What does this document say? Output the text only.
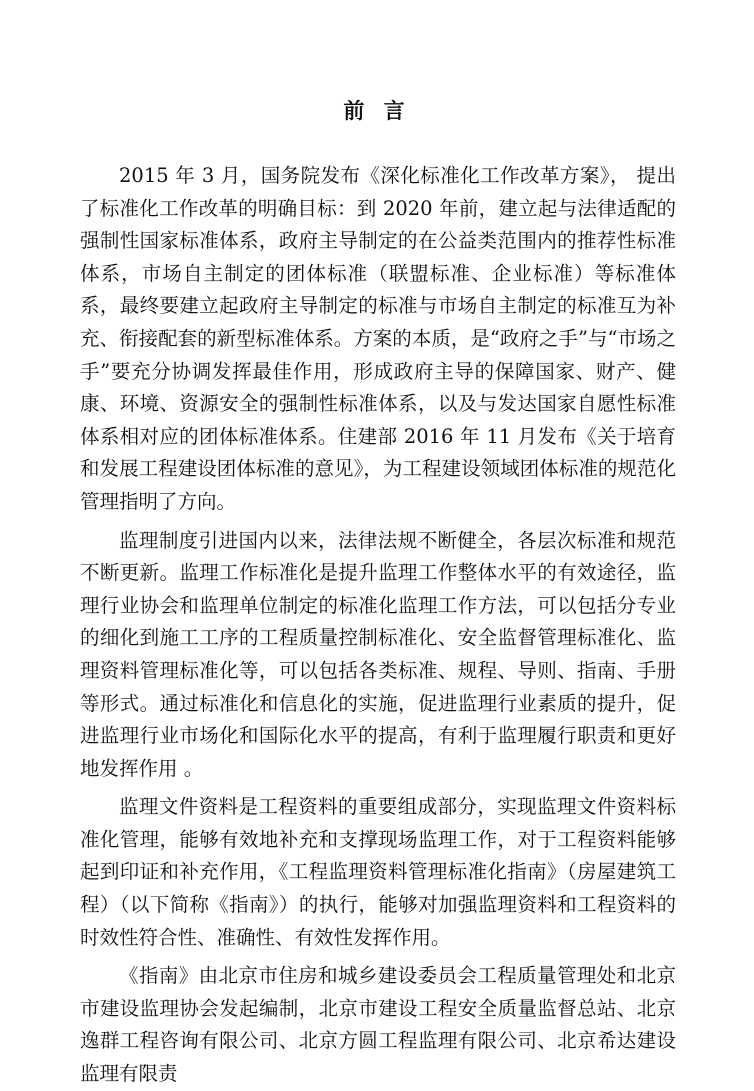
前 言

2015 年 3 月，国务院发布《深化标准化工作改革方案》， 提出了标准化工作改革的明确目标：到 2020 年前，建立起与法律适配的强制性国家标准体系，政府主导制定的在公益类范围内的推荐性标准体系，市场自主制定的团体标准（联盟标准、企业标准）等标准体系，最终要建立起政府主导制定的标准与市场自主制定的标准互为补充、衔接配套的新型标准体系。方案的本质，是“政府之手”与“市场之手”要充分协调发挥最佳作用，形成政府主导的保障国家、财产、健康、环境、资源安全的强制性标准体系，以及与发达国家自愿性标准体系相对应的团体标准体系。住建部 2016 年 11 月发布《关于培育和发展工程建设团体标准的意见》，为工程建设领域团体标准的规范化管理指明了方向。

监理制度引进国内以来，法律法规不断健全，各层次标准和规范不断更新。监理工作标准化是提升监理工作整体水平的有效途径，监理行业协会和监理单位制定的标准化监理工作方法，可以包括分专业的细化到施工工序的工程质量控制标准化、安全监督管理标准化、监理资料管理标准化等，可以包括各类标准、规程、导则、指南、手册等形式。通过标准化和信息化的实施，促进监理行业素质的提升，促进监理行业市场化和国际化水平的提高，有利于监理履行职责和更好地发挥作用 。

监理文件资料是工程资料的重要组成部分，实现监理文件资料标准化管理，能够有效地补充和支撑现场监理工作，对于工程资料能够起到印证和补充作用，《工程监理资料管理标准化指南》（房屋建筑工程）（以下简称《指南》）的执行，能够对加强监理资料和工程资料的时效性符合性、准确性、有效性发挥作用。

《指南》由北京市住房和城乡建设委员会工程质量管理处和北京市建设监理协会发起编制，北京市建设工程安全质量监督总站、北京逸群工程咨询有限公司、北京方圆工程监理有限公司、北京希达建设监理有限责
